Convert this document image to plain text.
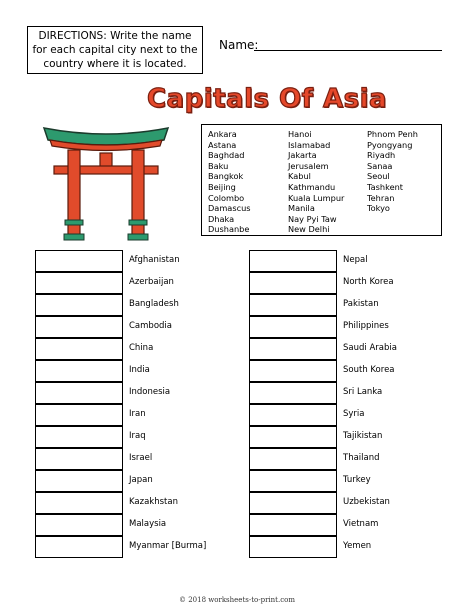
DIRECTIONS: Write the name
for each capital city next to the
country where it is located.
Name:
Capitals Of Asia
Ankara
Astana
Baghdad
Baku
Bangkok
Beijing
Colombo
Damascus
Dhaka
Dushanbe
Hanoi
Islamabad
Jakarta
Jerusalem
Kabul
Kathmandu
Kuala Lumpur
Manila
Nay Pyi Taw
New Delhi
Phnom Penh
Pyongyang
Riyadh
Sanaa
Seoul
Tashkent
Tehran
Tokyo
Afghanistan
Azerbaijan
Bangladesh
Cambodia
China
India
Indonesia
Iran
Iraq
Israel
Japan
Kazakhstan
Malaysia
Myanmar [Burma]
Nepal
North Korea
Pakistan
Philippines
Saudi Arabia
South Korea
Sri Lanka
Syria
Tajikistan
Thailand
Turkey
Uzbekistan
Vietnam
Yemen
© 2018 worksheets-to-print.com
